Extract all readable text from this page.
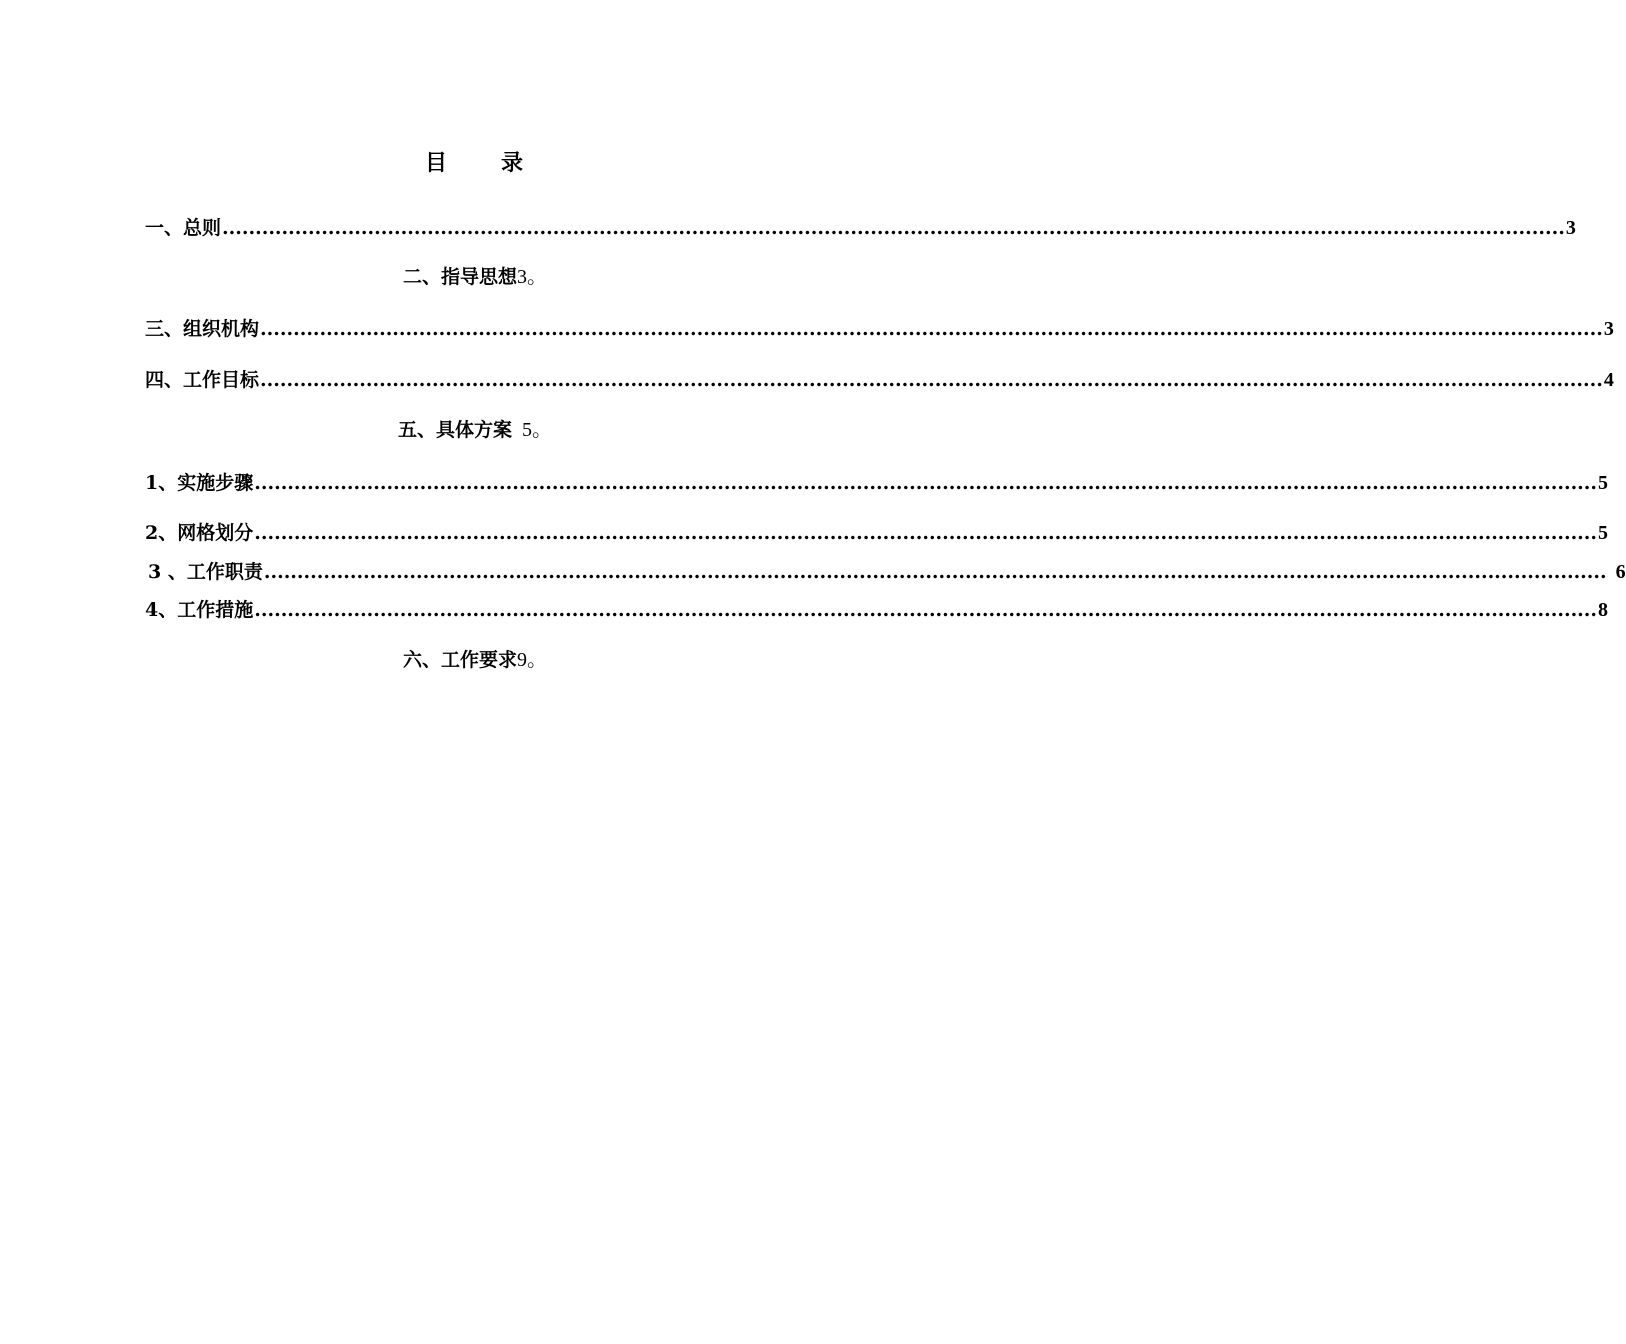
目 录
一、总则 ........................................................................................................................................................................................................... 3
二、指导思想3。
三、组织机构 ........................................................................................................................................................................................................... 3
四、工作目标 ........................................................................................................................................................................................................... 4
五、具体方案 5。
1、实施步骤 ........................................................................................................................................................................................................... 5
2、网格划分 ........................................................................................................................................................................................................... 5
3 、工作职责 ........................................................................................................................................................................................................... 6
4、工作措施 ........................................................................................................................................................................................................... 8
六、工作要求9。
